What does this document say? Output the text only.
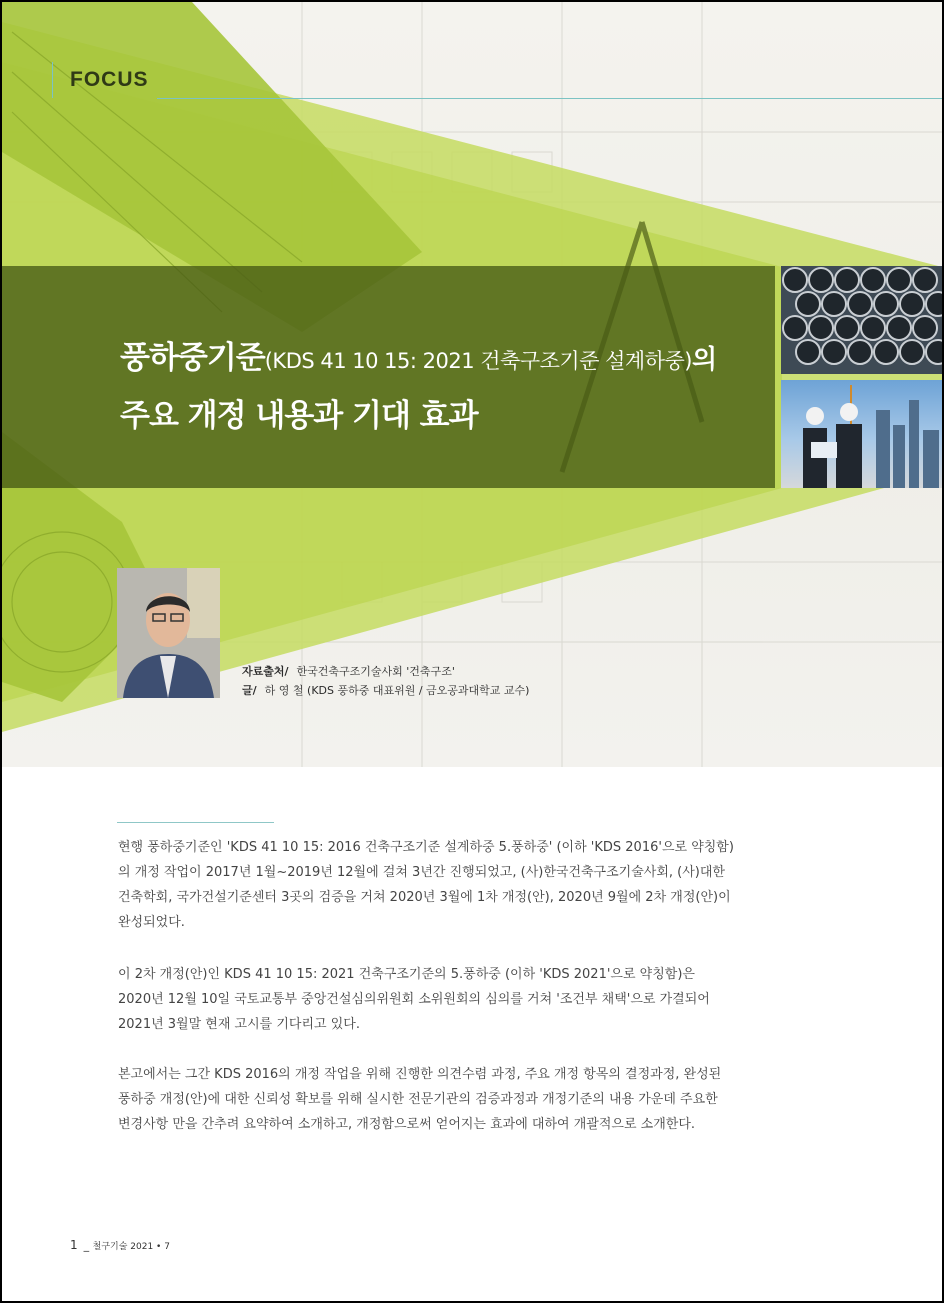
FOCUS
풍하중기준(KDS 41 10 15: 2021 건축구조기준 설계하중)의
주요 개정 내용과 기대 효과
자료출처/ 한국건축구조기술사회 '건축구조'
글/ 하 영 철 (KDS 풍하중 대표위원 / 금오공과대학교 교수)
현행 풍하중기준인 'KDS 41 10 15: 2016 건축구조기준 설계하중 5.풍하중' (이하 'KDS 2016'으로 약칭함)
의 개정 작업이 2017년 1월~2019년 12월에 걸쳐 3년간 진행되었고, (사)한국건축구조기술사회, (사)대한
건축학회, 국가건설기준센터 3곳의 검증을 거쳐 2020년 3월에 1차 개정(안), 2020년 9월에 2차 개정(안)이
완성되었다.
이 2차 개정(안)인 KDS 41 10 15: 2021 건축구조기준의 5.풍하중 (이하 'KDS 2021'으로 약칭함)은
2020년 12월 10일 국토교통부 중앙건설심의위원회 소위원회의 심의를 거쳐 '조건부 채택'으로 가결되어
2021년 3월말 현재 고시를 기다리고 있다.
본고에서는 그간 KDS 2016의 개정 작업을 위해 진행한 의견수렴 과정, 주요 개정 항목의 결정과정, 완성된
풍하중 개정(안)에 대한 신뢰성 확보를 위해 실시한 전문기관의 검증과정과 개정기준의 내용 가운데 주요한
변경사항 만을 간추려 요약하여 소개하고, 개정함으로써 얻어지는 효과에 대하여 개괄적으로 소개한다.
1 _ 철구기술 2021 • 7
